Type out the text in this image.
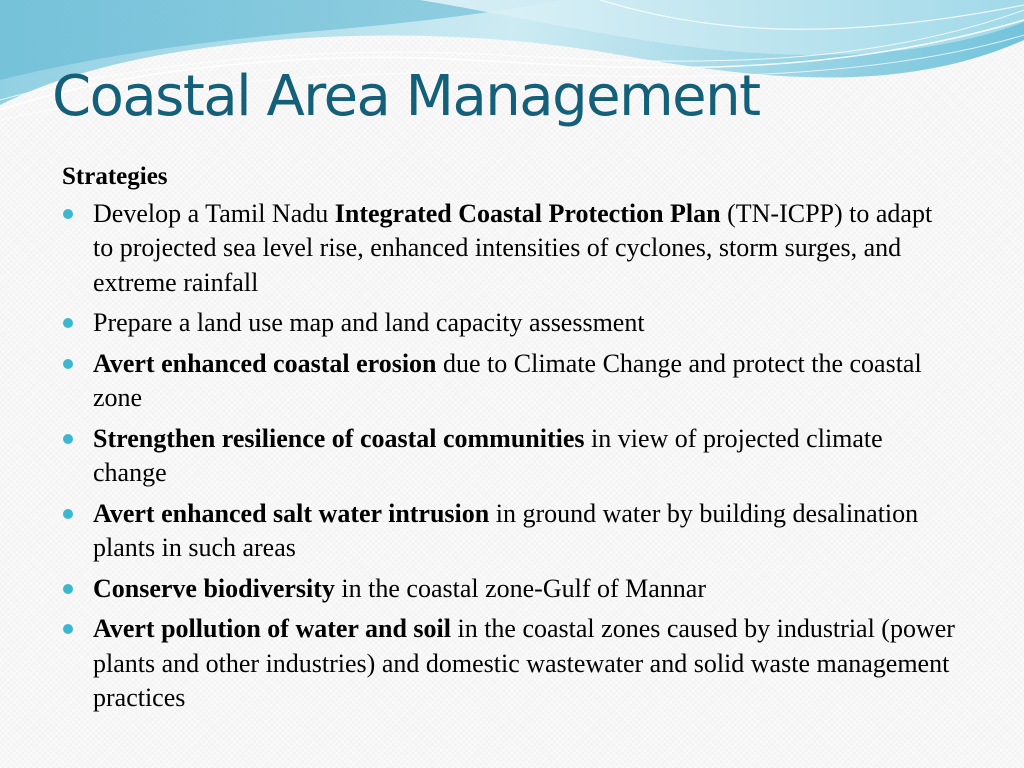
Coastal Area Management
Strategies
Develop a Tamil Nadu Integrated Coastal Protection Plan (TN-ICPP) to adapt to projected sea level rise, enhanced intensities of cyclones, storm surges, and extreme rainfall
Prepare a land use map and land capacity assessment
Avert enhanced coastal erosion due to Climate Change and protect the coastal zone
Strengthen resilience of coastal communities in view of projected climate change
Avert enhanced salt water intrusion in ground water by building desalination plants in such areas
Conserve biodiversity in the coastal zone-Gulf of Mannar
Avert pollution of water and soil in the coastal zones caused by industrial (power plants and other industries) and domestic wastewater and solid waste management practices
